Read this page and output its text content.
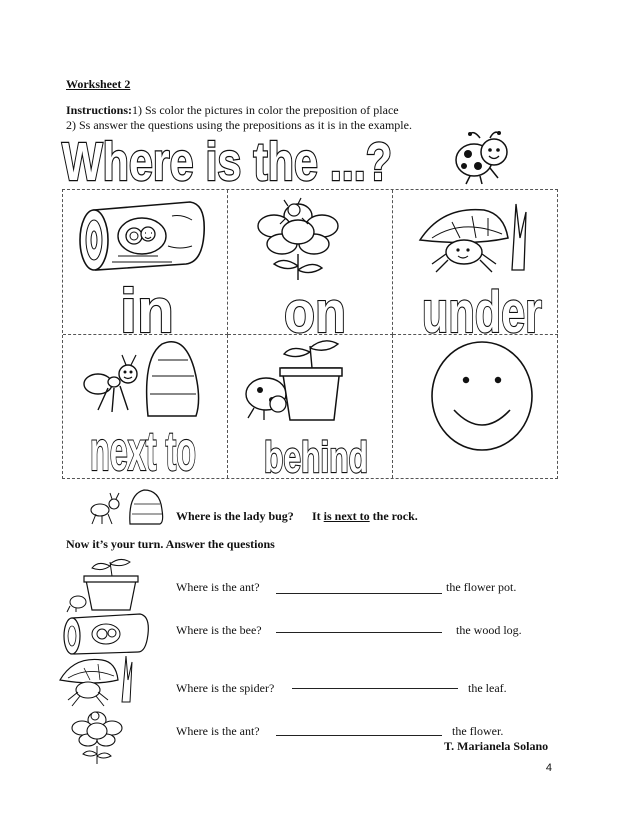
Worksheet 2
Instructions:1) Ss color the pictures in color the preposition of place
2) Ss answer the questions using the prepositions as it is in the example.
Where is the ...?
in on under
next to behind
Where is the lady bug? It is next to the rock.
Now it’s your turn. Answer the questions
Where is the ant?	the flower pot.
Where is the bee?	the wood log.
Where is the spider?	the leaf.
Where is the ant?	the flower.
T. Marianela Solano
4
